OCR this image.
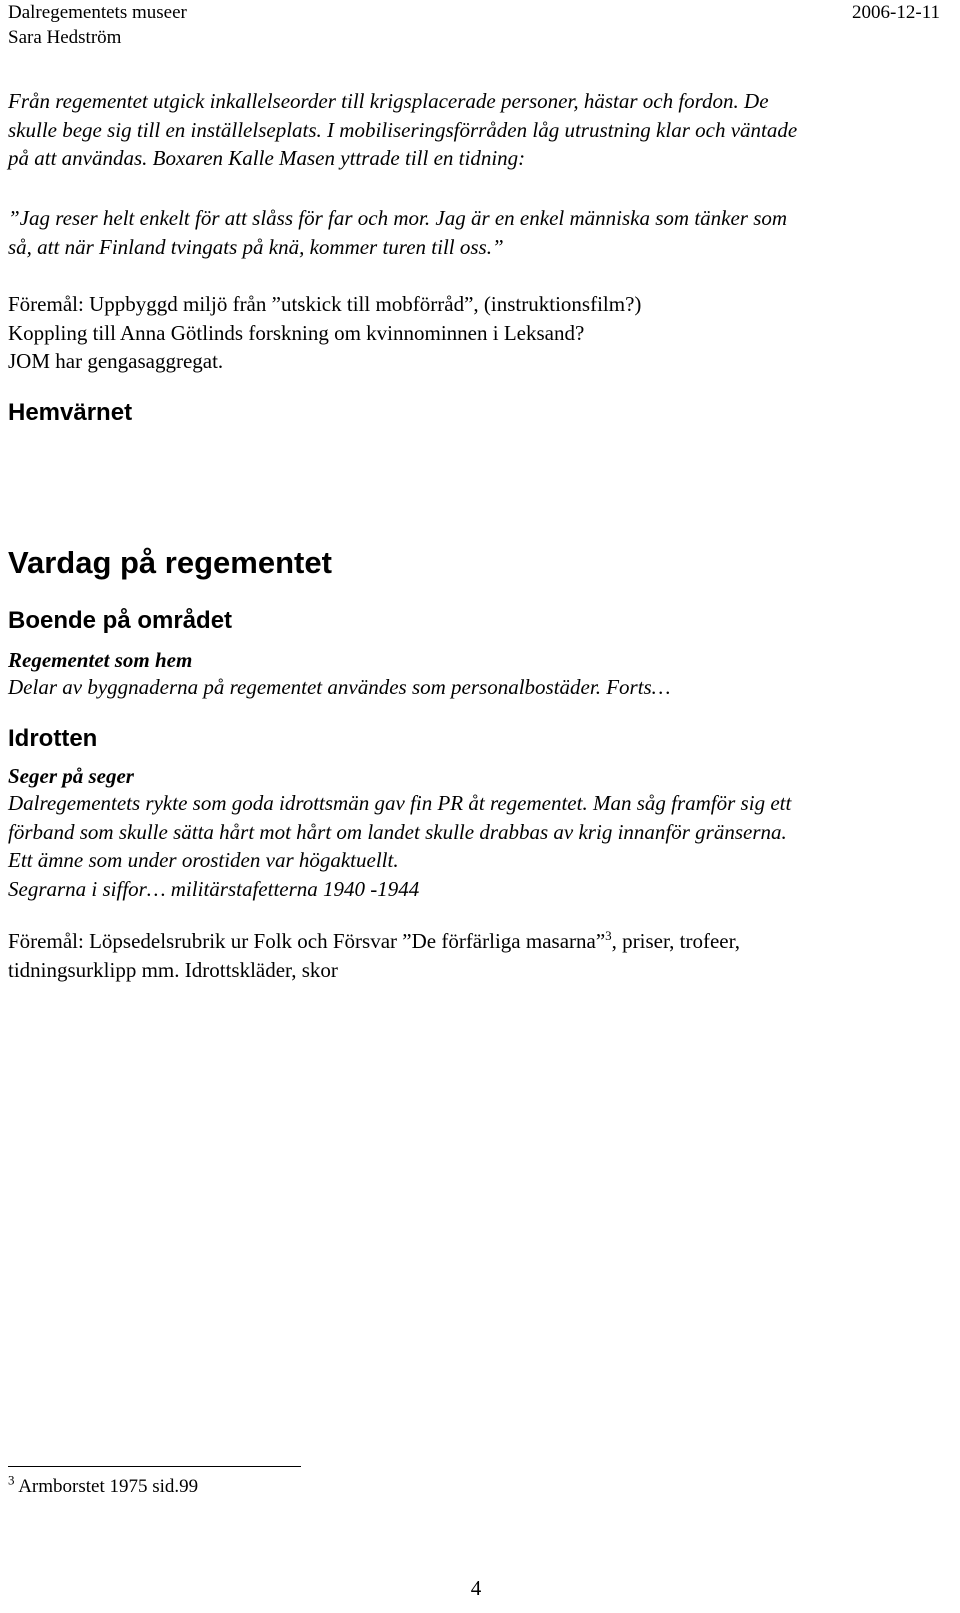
Dalregementets museer
Sara Hedström
2006-12-11
Från regementet utgick inkallelseorder till krigsplacerade personer, hästar och fordon. De
skulle bege sig till en inställelseplats. I mobiliseringsförråden låg utrustning klar och väntade
på att användas. Boxaren Kalle Masen yttrade till en tidning:
”Jag reser helt enkelt för att slåss för far och mor. Jag är en enkel människa som tänker som
så, att när Finland tvingats på knä, kommer turen till oss.”
Föremål: Uppbyggd miljö från ”utskick till mobförråd”, (instruktionsfilm?)
Koppling till Anna Götlinds forskning om kvinnominnen i Leksand?
JOM har gengasaggregat.
Hemvärnet
Vardag på regementet
Boende på området
Regementet som hem
Delar av byggnaderna på regementet användes som personalbostäder. Forts…
Idrotten
Seger på seger
Dalregementets rykte som goda idrottsmän gav fin PR åt regementet. Man såg framför sig ett
förband som skulle sätta hårt mot hårt om landet skulle drabbas av krig innanför gränserna.
Ett ämne som under orostiden var högaktuellt.
Segrarna i siffor… militärstafetterna 1940 -1944
Föremål: Löpsedelsrubrik ur Folk och Försvar ”De förfärliga masarna”$^3$, priser, trofeer,
tidningsurklipp mm. Idrottskläder, skor
$^3$ Armborstet 1975 sid.99
4
